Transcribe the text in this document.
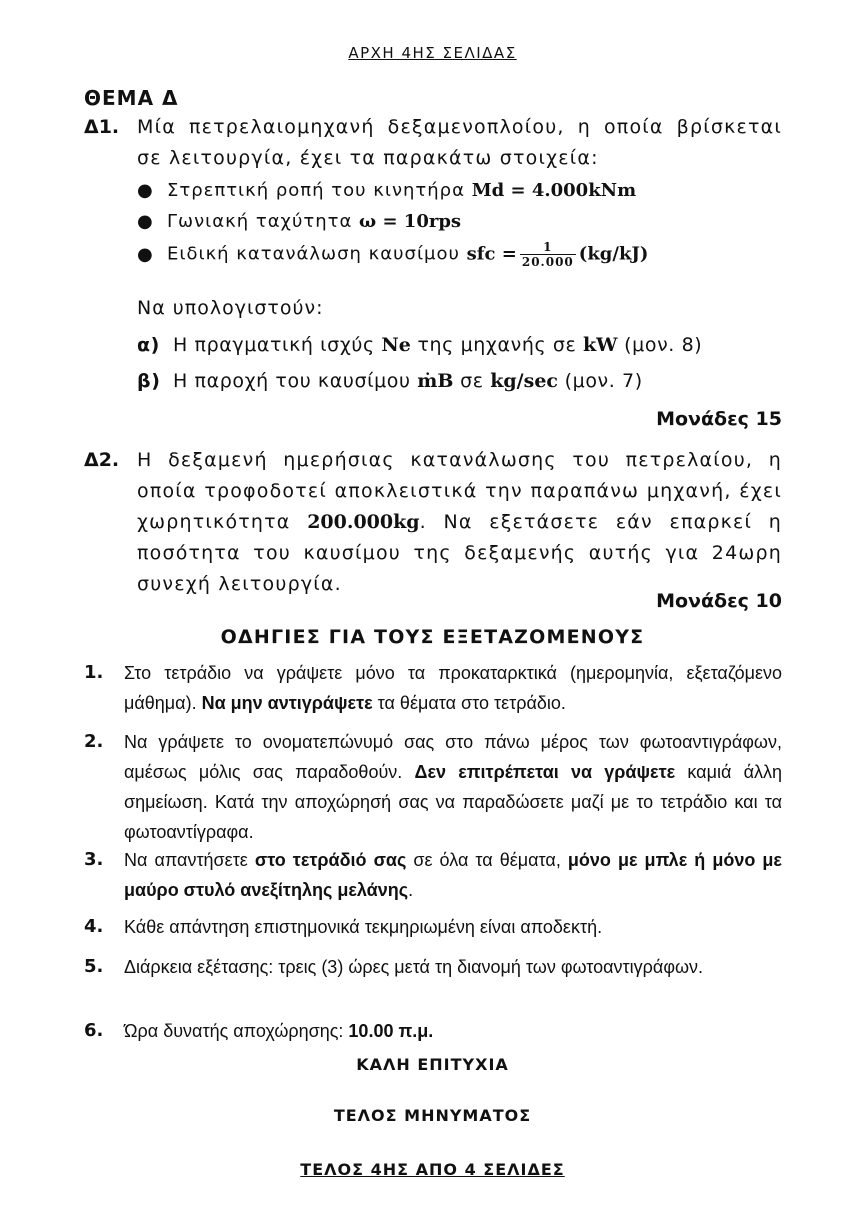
ΑΡΧΗ 4ΗΣ ΣΕΛΙΔΑΣ
ΘΕΜΑ Δ
Δ1. Μία πετρελαιομηχανή δεξαμενοπλοίου, η οποία βρίσκεται σε λειτουργία, έχει τα παρακάτω στοιχεία:
● Στρεπτική ροπή του κινητήρα Md = 4.000kNm
● Γωνιακή ταχύτητα ω = 10rps
● Ειδική κατανάλωση καυσίμου sfc = $\frac{1}{20.000} (kg/kJ)$
Να υπολογιστούν:
α) Η πραγματική ισχύς Ne της μηχανής σε kW (μον. 8)
β) Η παροχή του καυσίμου ṁB σε kg/sec (μον. 7)
Μονάδες 15
Δ2. Η δεξαμενή ημερήσιας κατανάλωσης του πετρελαίου, η οποία τροφοδοτεί αποκλειστικά την παραπάνω μηχανή, έχει χωρητικότητα 200.000kg. Να εξετάσετε εάν επαρκεί η ποσότητα του καυσίμου της δεξαμενής αυτής για 24ωρη συνεχή λειτουργία.
Μονάδες 10
ΟΔΗΓΙΕΣ ΓΙΑ ΤΟΥΣ ΕΞΕΤΑΖΟΜΕΝΟΥΣ
1. Στο τετράδιο να γράψετε μόνο τα προκαταρκτικά (ημερομηνία, εξεταζόμενο μάθημα). Να μην αντιγράψετε τα θέματα στο τετράδιο.
2. Να γράψετε το ονοματεπώνυμό σας στο πάνω μέρος των φωτοαντιγράφων, αμέσως μόλις σας παραδοθούν. Δεν επιτρέπεται να γράψετε καμιά άλλη σημείωση. Κατά την αποχώρησή σας να παραδώσετε μαζί με το τετράδιο και τα φωτοαντίγραφα.
3. Να απαντήσετε στο τετράδιό σας σε όλα τα θέματα, μόνο με μπλε ή μόνο με μαύρο στυλό ανεξίτηλης μελάνης.
4. Κάθε απάντηση επιστημονικά τεκμηριωμένη είναι αποδεκτή.
5. Διάρκεια εξέτασης: τρεις (3) ώρες μετά τη διανομή των φωτοαντιγράφων.
6. Ώρα δυνατής αποχώρησης: 10.00 π.μ.
ΚΑΛΗ ΕΠΙΤΥΧΙΑ
ΤΕΛΟΣ ΜΗΝΥΜΑΤΟΣ
ΤΕΛΟΣ 4ΗΣ ΑΠΟ 4 ΣΕΛΙΔΕΣ
